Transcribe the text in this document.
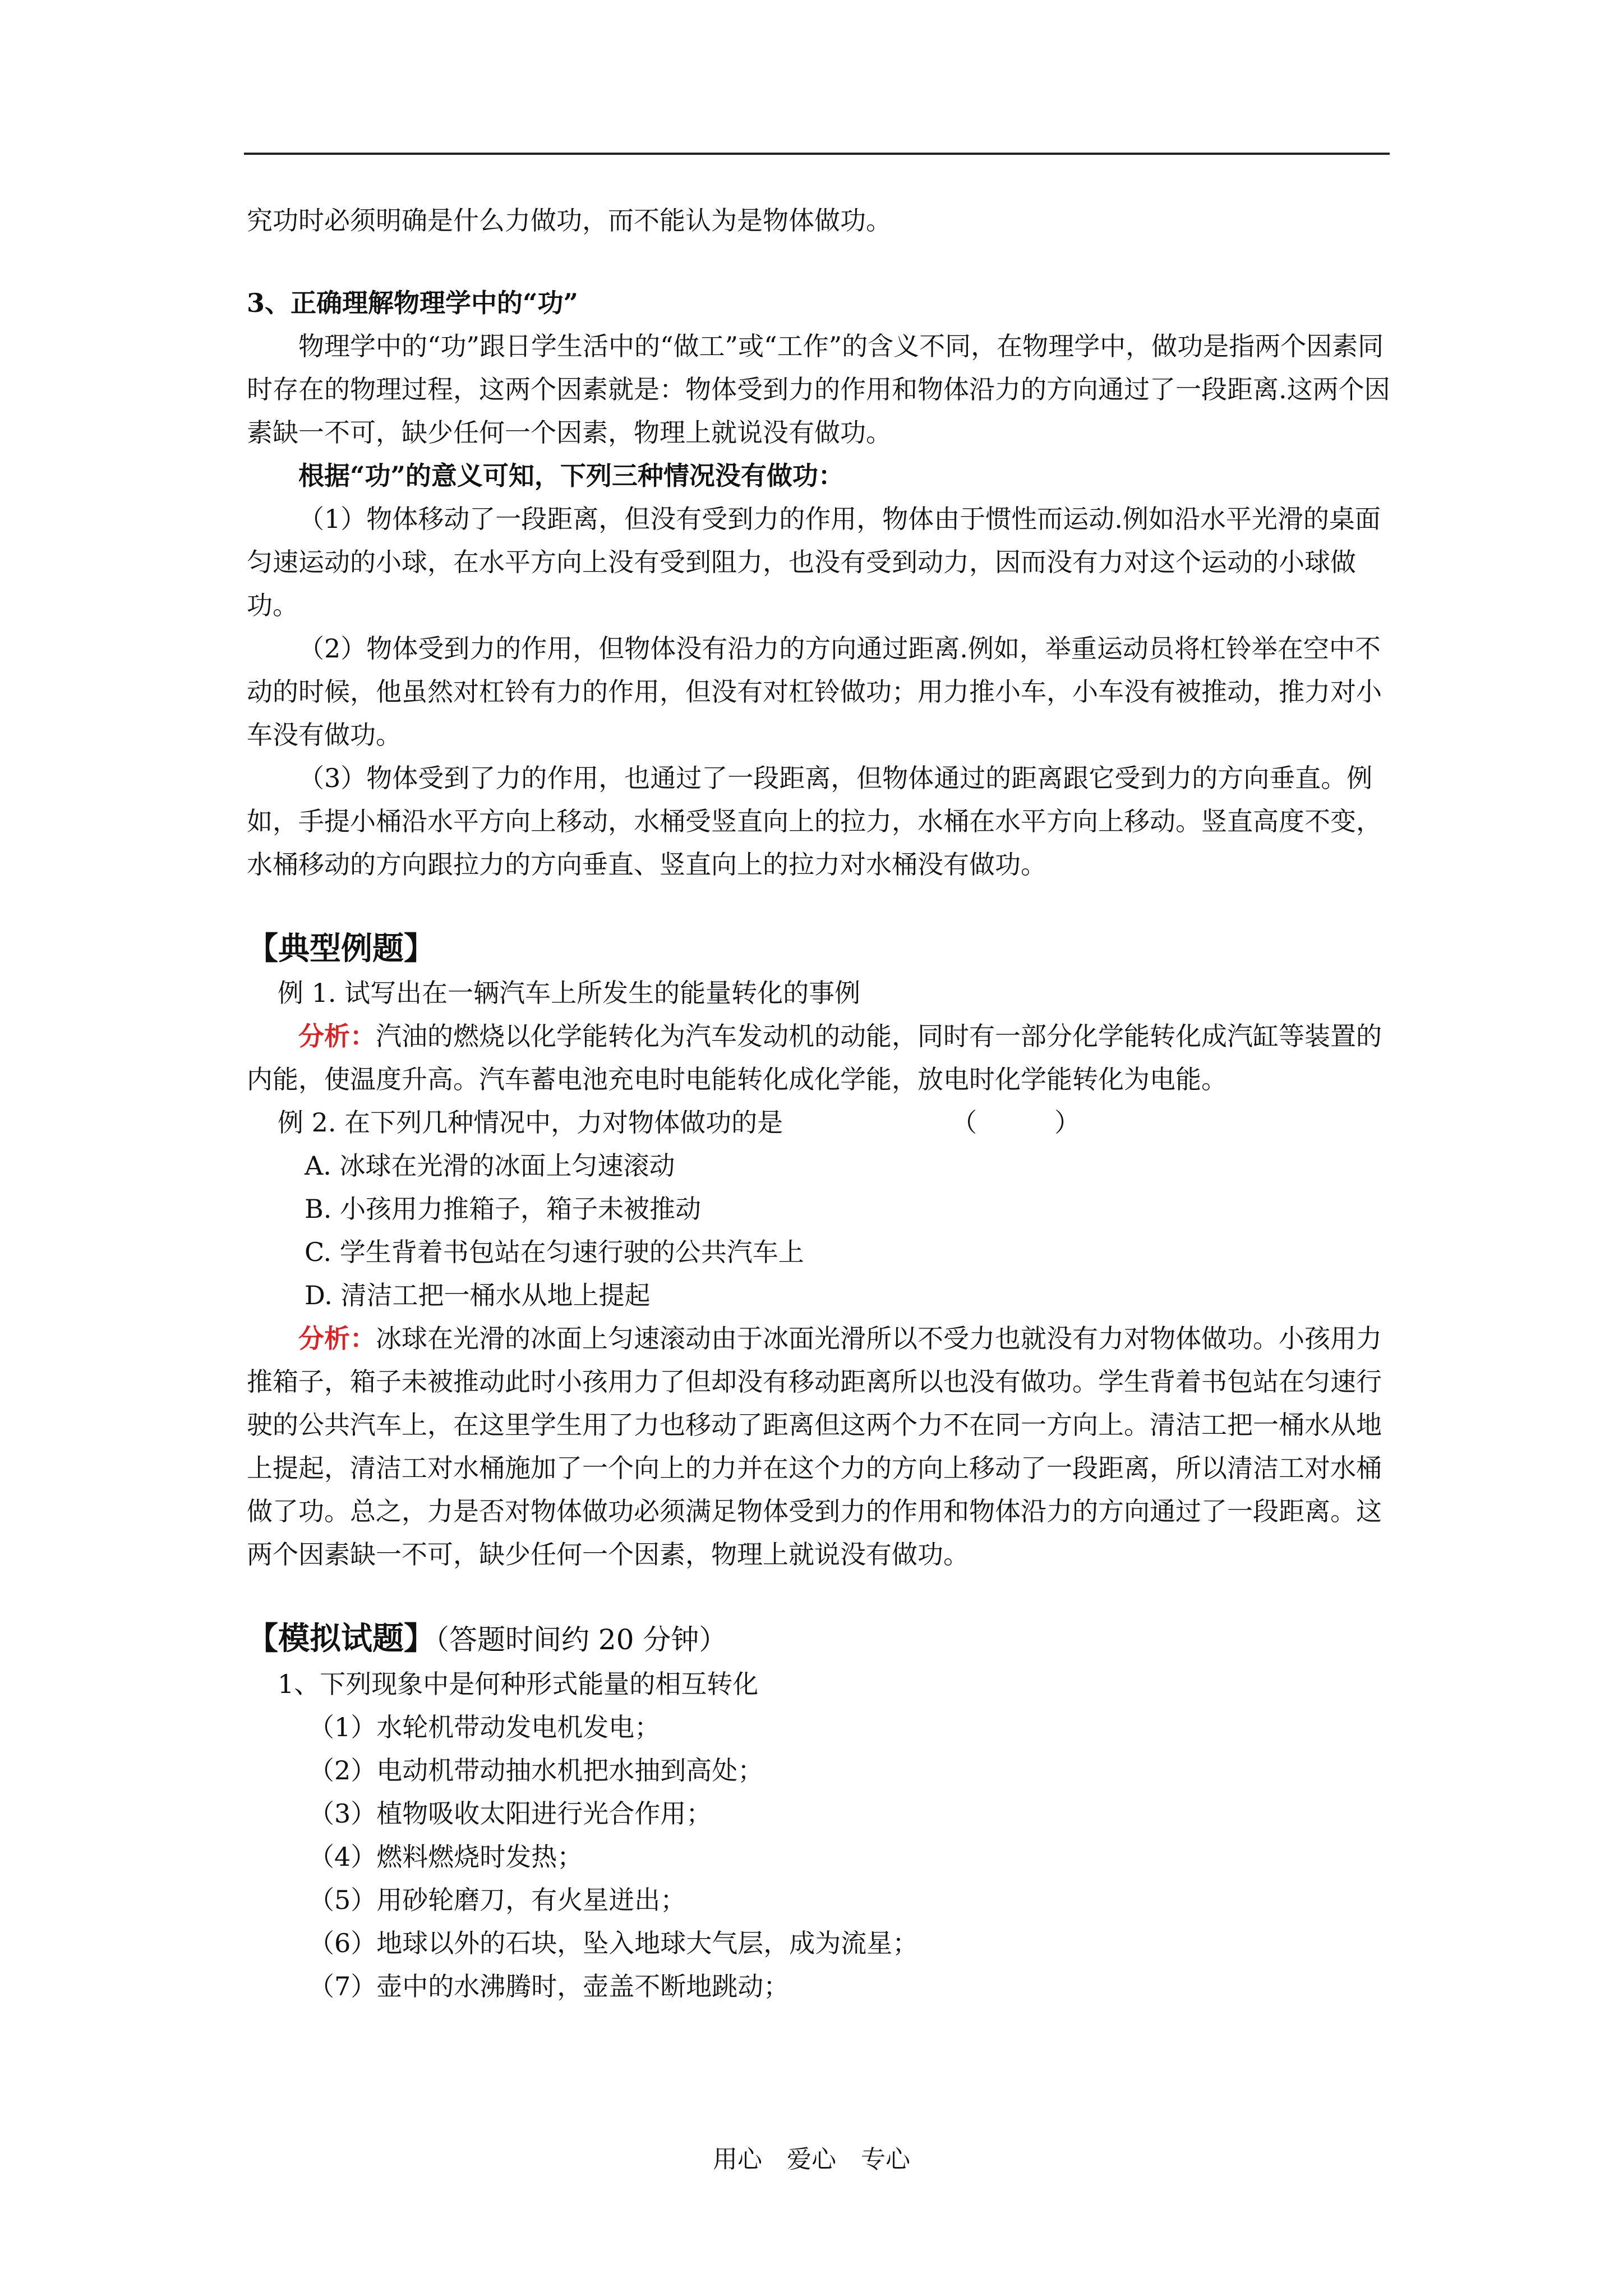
究功时必须明确是什么力做功，而不能认为是物体做功。

3、正确理解物理学中的“功”

物理学中的“功”跟日学生活中的“做工”或“工作”的含义不同，在物理学中，做功是指两个因素同时存在的物理过程，这两个因素就是：物体受到力的作用和物体沿力的方向通过了一段距离.这两个因素缺一不可，缺少任何一个因素，物理上就说没有做功。

根据“功”的意义可知，下列三种情况没有做功：

（1）物体移动了一段距离，但没有受到力的作用，物体由于惯性而运动.例如沿水平光滑的桌面匀速运动的小球，在水平方向上没有受到阻力，也没有受到动力，因而没有力对这个运动的小球做功。

（2）物体受到力的作用，但物体没有沿力的方向通过距离.例如，举重运动员将杠铃举在空中不动的时候，他虽然对杠铃有力的作用，但没有对杠铃做功；用力推小车，小车没有被推动，推力对小车没有做功。

（3）物体受到了力的作用，也通过了一段距离，但物体通过的距离跟它受到力的方向垂直。例如，手提小桶沿水平方向上移动，水桶受竖直向上的拉力，水桶在水平方向上移动。竖直高度不变，水桶移动的方向跟拉力的方向垂直、竖直向上的拉力对水桶没有做功。

【典型例题】

例 1. 试写出在一辆汽车上所发生的能量转化的事例

分析：汽油的燃烧以化学能转化为汽车发动机的动能，同时有一部分化学能转化成汽缸等装置的内能，使温度升高。汽车蓄电池充电时电能转化成化学能，放电时化学能转化为电能。

例 2. 在下列几种情况中，力对物体做功的是	（　　　）

A. 冰球在光滑的冰面上匀速滚动

B. 小孩用力推箱子，箱子未被推动

C. 学生背着书包站在匀速行驶的公共汽车上

D. 清洁工把一桶水从地上提起

分析：冰球在光滑的冰面上匀速滚动由于冰面光滑所以不受力也就没有力对物体做功。小孩用力推箱子，箱子未被推动此时小孩用力了但却没有移动距离所以也没有做功。学生背着书包站在匀速行驶的公共汽车上，在这里学生用了力也移动了距离但这两个力不在同一方向上。清洁工把一桶水从地上提起，清洁工对水桶施加了一个向上的力并在这个力的方向上移动了一段距离，所以清洁工对水桶做了功。总之，力是否对物体做功必须满足物体受到力的作用和物体沿力的方向通过了一段距离。这两个因素缺一不可，缺少任何一个因素，物理上就说没有做功。

【模拟试题】（答题时间约 20 分钟）

1、下列现象中是何种形式能量的相互转化

（1）水轮机带动发电机发电；

（2）电动机带动抽水机把水抽到高处；

（3）植物吸收太阳进行光合作用；

（4）燃料燃烧时发热；

（5）用砂轮磨刀，有火星迸出；

（6）地球以外的石块，坠入地球大气层，成为流星；

（7）壶中的水沸腾时，壶盖不断地跳动；

用心　爱心　专心
